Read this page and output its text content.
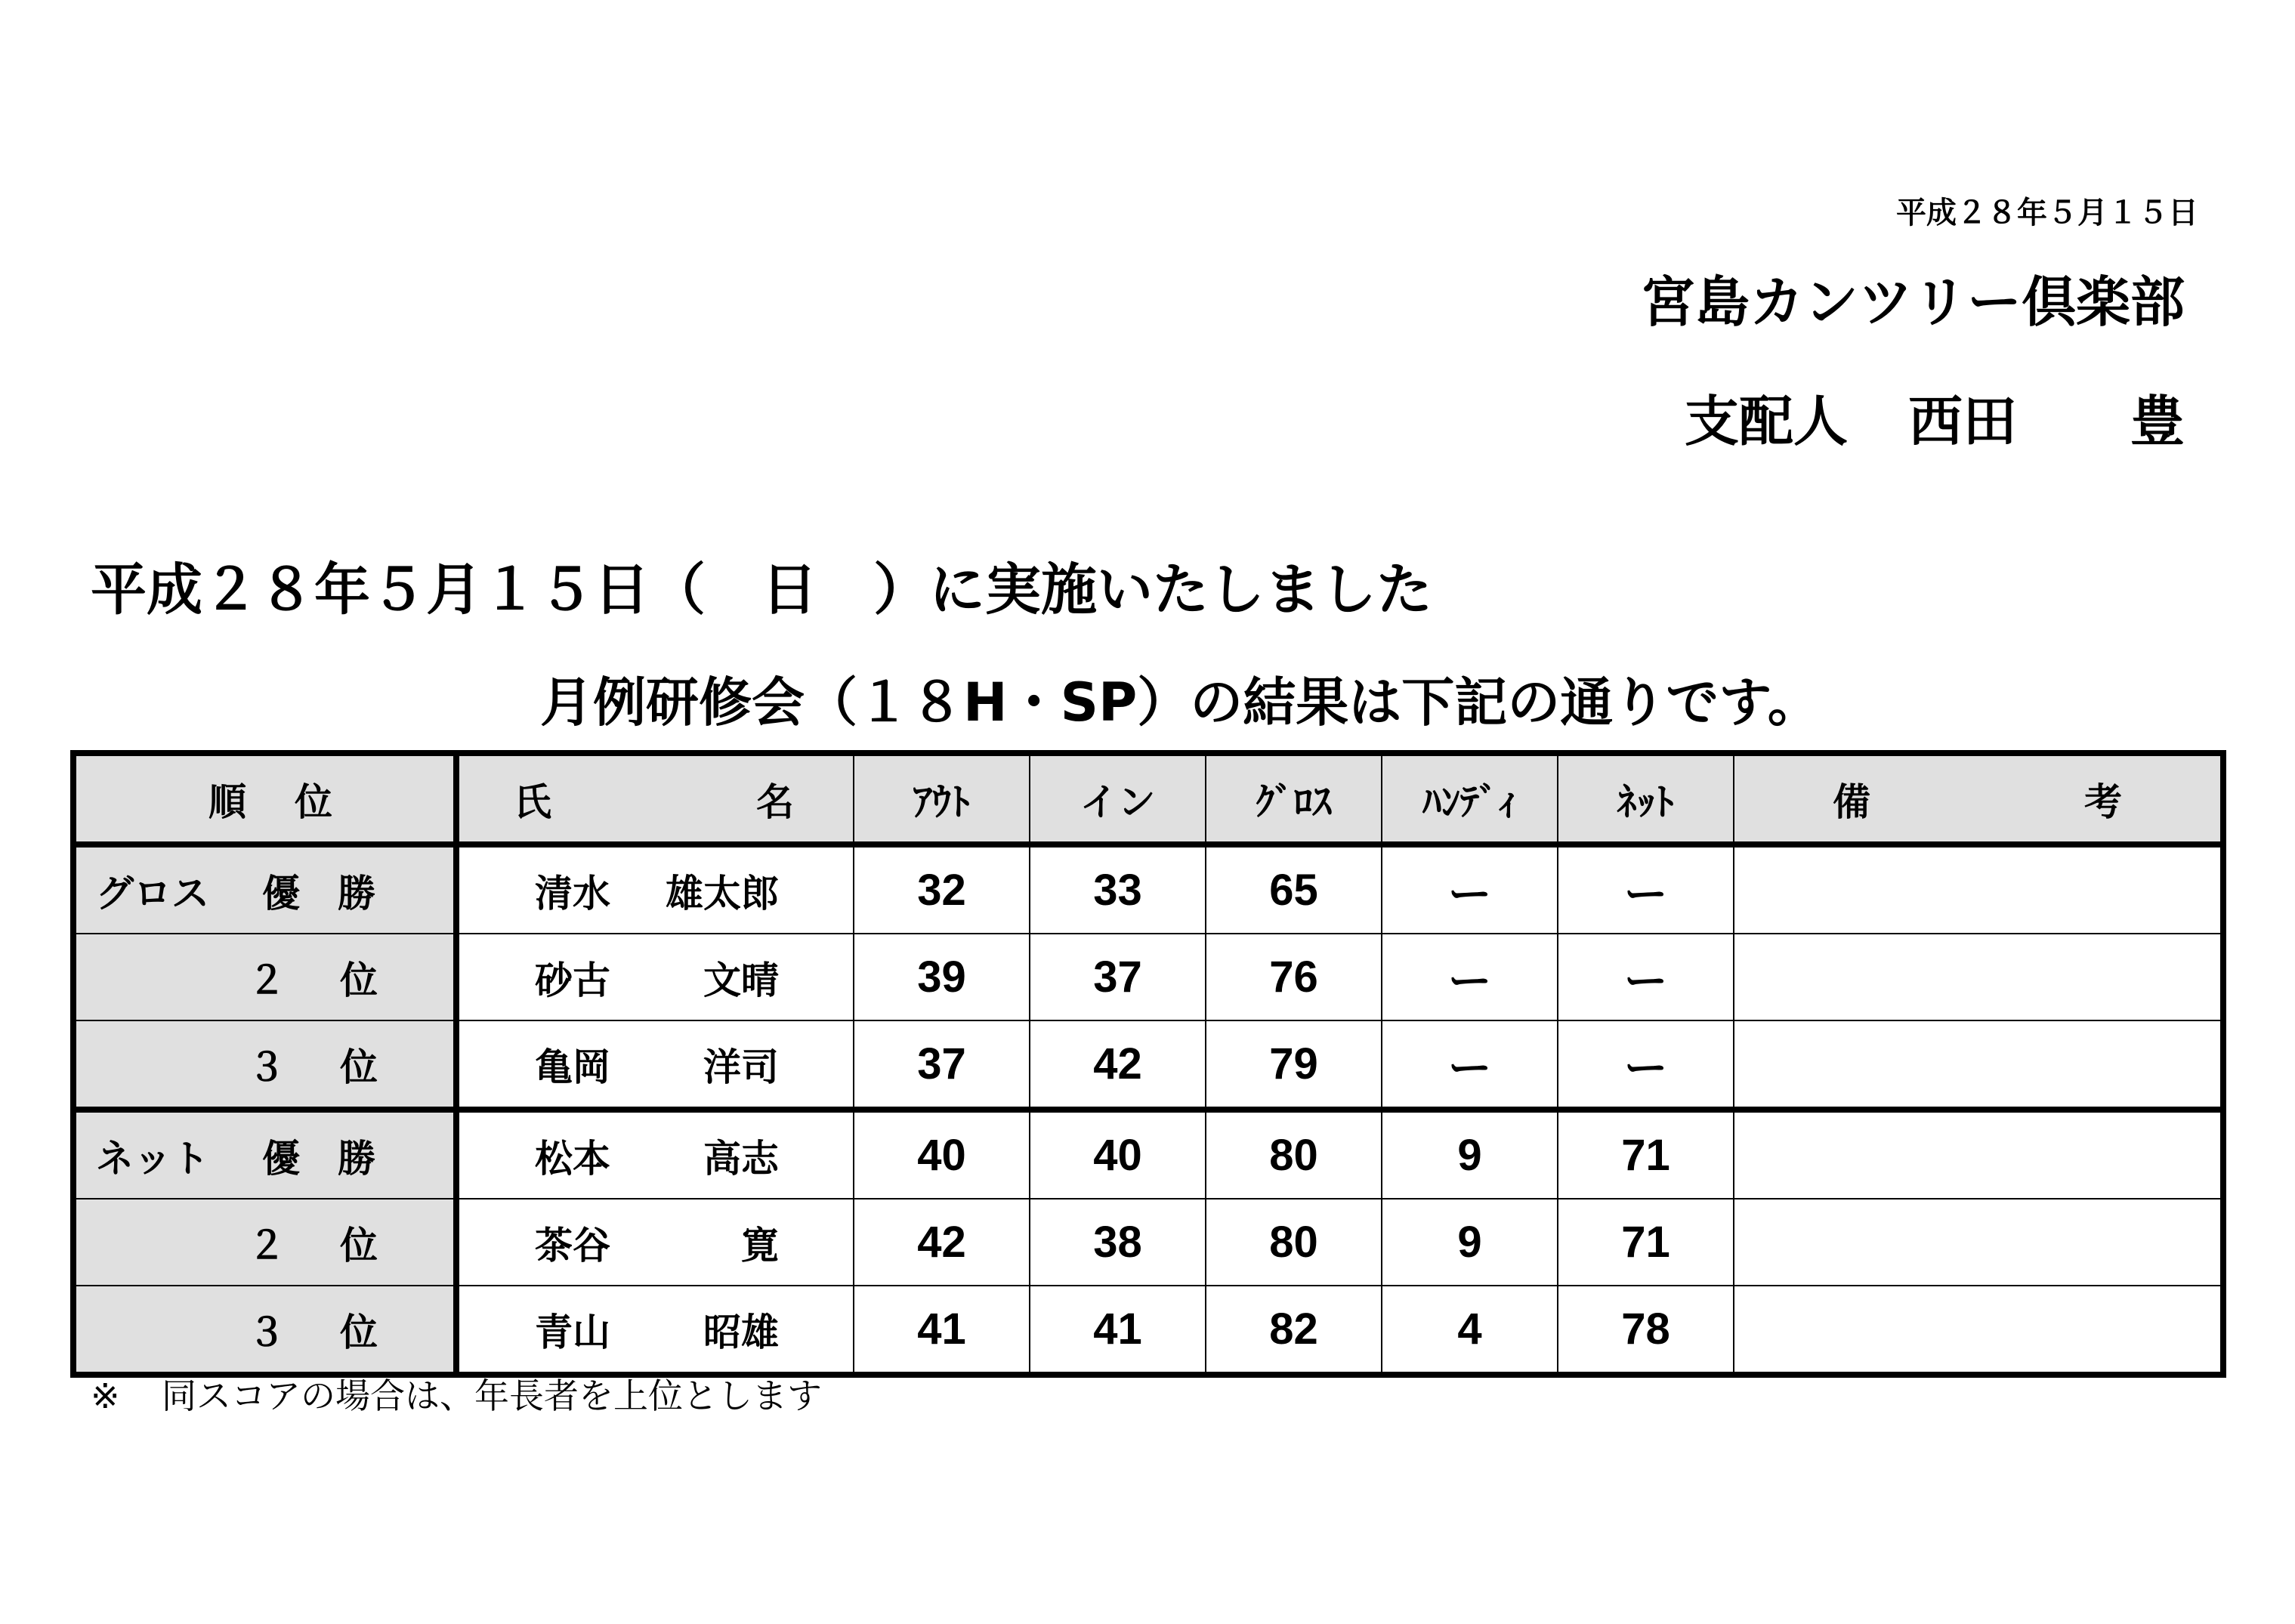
平成２８年５月１５日
宮島カンツリー倶楽部
支配人 西田 豊
平成２８年５月１５日（　日　）に実施いたしました
月例研修会（１８H・SP）の結果は下記の通りです。
順 位	氏 名	ｱｳﾄ	イン	ｸﾞﾛｽ	ﾊﾝﾃﾞｨ	ﾈｯﾄ	備 考

グロス 優　勝	清水 雄太郎	32	33	65	ー	ー	
２ 位	砂古 文晴	39	37	76	ー	ー	
３ 位	亀岡 洋司	37	42	79	ー	ー	
ネット 優　勝	松本 高志	40	40	80	9	71	
２ 位	茶谷 寛	42	38	80	9	71	
３ 位	青山 昭雄	41	41	82	4	78	
※ 同スコアの場合は、年長者を上位とします
